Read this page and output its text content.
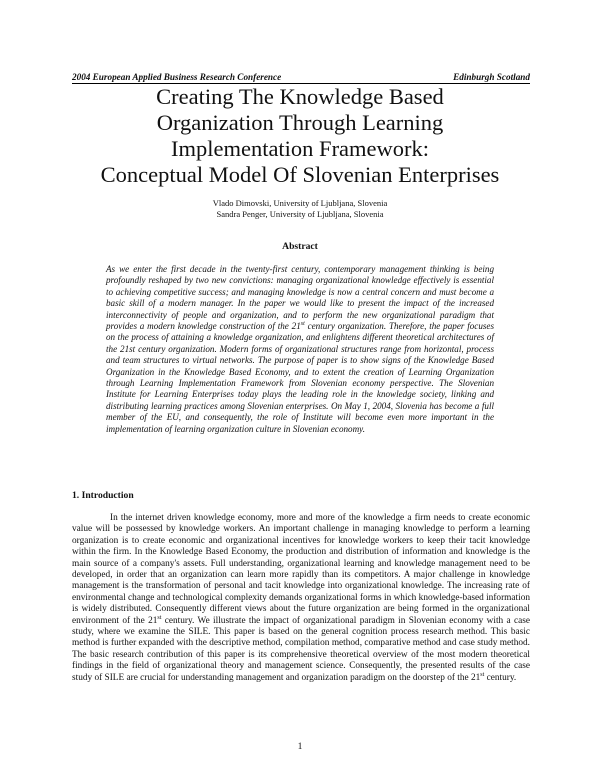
2004 European Applied Business Research Conference	Edinburgh Scotland
Creating The Knowledge Based
Organization Through Learning
Implementation Framework:
Conceptual Model Of Slovenian Enterprises
Vlado Dimovski, University of Ljubljana, Slovenia
Sandra Penger, University of Ljubljana, Slovenia
Abstract

As we enter the first decade in the twenty-first century, contemporary management thinking is being profoundly reshaped by two new convictions: managing organizational knowledge effectively is essential to achieving competitive success; and managing knowledge is now a central concern and must become a basic skill of a modern manager. In the paper we would like to present the impact of the increased interconnectivity of people and organization, and to perform the new organizational paradigm that provides a modern knowledge construction of the 21st century organization. Therefore, the paper focuses on the process of attaining a knowledge organization, and enlightens different theoretical architectures of the 21st century organization. Modern forms of organizational structures range from horizontal, process and team structures to virtual networks. The purpose of paper is to show signs of the Knowledge Based Organization in the Knowledge Based Economy, and to extent the creation of Learning Organization through Learning Implementation Framework from Slovenian economy perspective. The Slovenian Institute for Learning Enterprises today plays the leading role in the knowledge society, linking and distributing learning practices among Slovenian enterprises. On May 1, 2004, Slovenia has become a full member of the EU, and consequently, the role of Institute will become even more important in the implementation of learning organization culture in Slovenian economy.

1. Introduction

In the internet driven knowledge economy, more and more of the knowledge a firm needs to create economic value will be possessed by knowledge workers. An important challenge in managing knowledge to perform a learning organization is to create economic and organizational incentives for knowledge workers to keep their tacit knowledge within the firm. In the Knowledge Based Economy, the production and distribution of information and knowledge is the main source of a company's assets. Full understanding, organizational learning and knowledge management need to be developed, in order that an organization can learn more rapidly than its competitors. A major challenge in knowledge management is the transformation of personal and tacit knowledge into organizational knowledge. The increasing rate of environmental change and technological complexity demands organizational forms in which knowledge-based information is widely distributed. Consequently different views about the future organization are being formed in the organizational environment of the 21st century. We illustrate the impact of organizational paradigm in Slovenian economy with a case study, where we examine the SILE. This paper is based on the general cognition process research method. This basic method is further expanded with the descriptive method, compilation method, comparative method and case study method. The basic research contribution of this paper is its comprehensive theoretical overview of the most modern theoretical findings in the field of organizational theory and management science. Consequently, the presented results of the case study of SILE are crucial for understanding management and organization paradigm on the doorstep of the 21st century.

1
